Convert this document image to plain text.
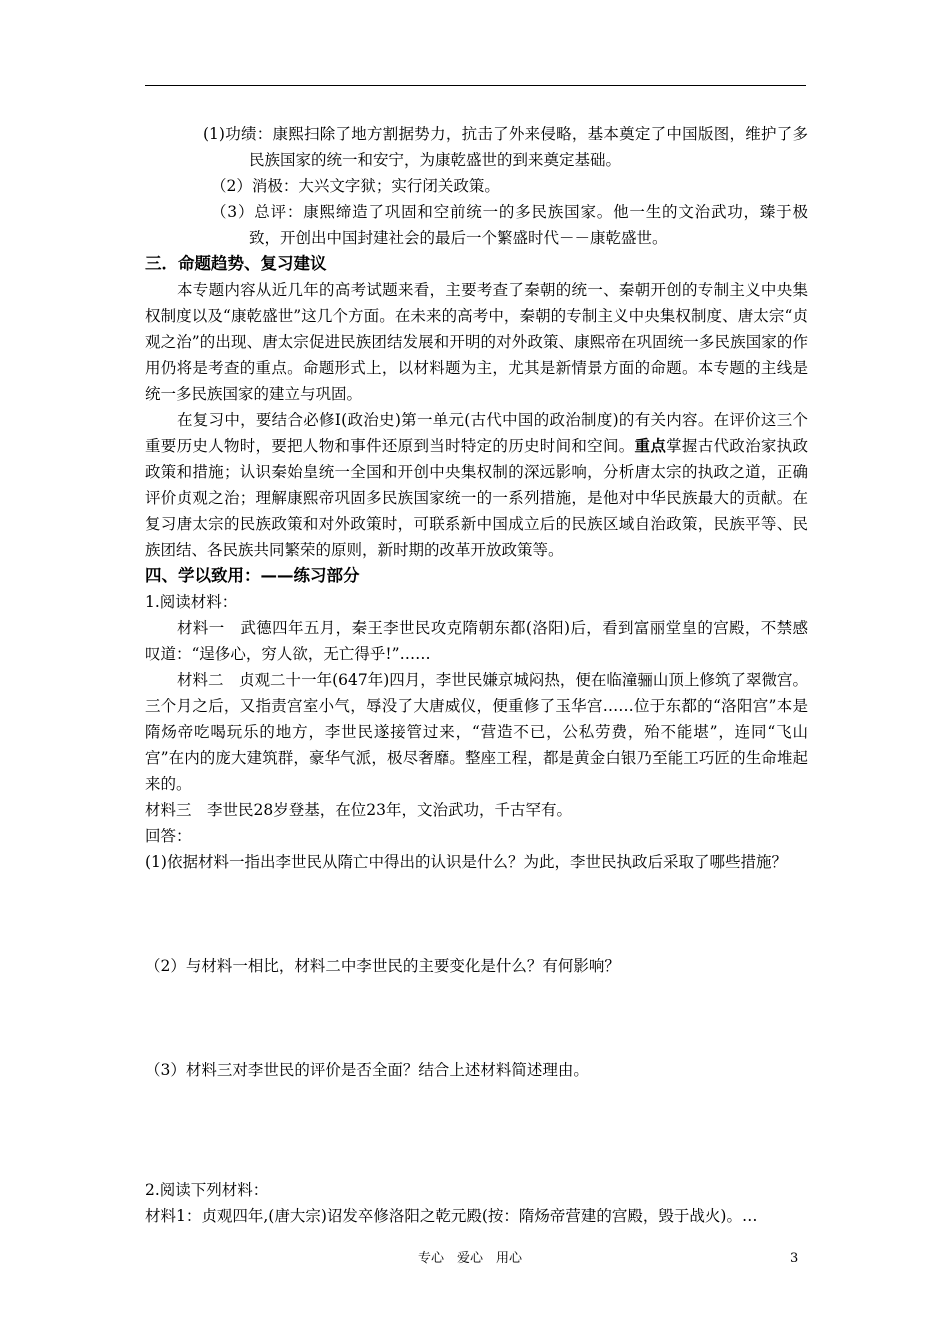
(1)功绩：康熙扫除了地方割据势力，抗击了外来侵略，基本奠定了中国版图，维护了多民族国家的统一和安宁，为康乾盛世的到来奠定基础。

（2）消极：大兴文字狱；实行闭关政策。

（3）总评：康熙缔造了巩固和空前统一的多民族国家。他一生的文治武功，臻于极致，开创出中国封建社会的最后一个繁盛时代－－康乾盛世。

三．命题趋势、复习建议

本专题内容从近几年的高考试题来看，主要考查了秦朝的统一、秦朝开创的专制主义中央集权制度以及“康乾盛世”这几个方面。在未来的高考中，秦朝的专制主义中央集权制度、唐太宗“贞观之治”的出现、唐太宗促进民族团结发展和开明的对外政策、康熙帝在巩固统一多民族国家的作用仍将是考查的重点。命题形式上，以材料题为主，尤其是新情景方面的命题。本专题的主线是统一多民族国家的建立与巩固。

在复习中，要结合必修Ⅰ(政治史)第一单元(古代中国的政治制度)的有关内容。在评价这三个重要历史人物时，要把人物和事件还原到当时特定的历史时间和空间。重点掌握古代政治家执政政策和措施；认识秦始皇统一全国和开创中央集权制的深远影响，分析唐太宗的执政之道，正确评价贞观之治；理解康熙帝巩固多民族国家统一的一系列措施，是他对中华民族最大的贡献。在复习唐太宗的民族政策和对外政策时，可联系新中国成立后的民族区域自治政策，民族平等、民族团结、各民族共同繁荣的原则，新时期的改革开放政策等。

四、学以致用：——练习部分

1.阅读材料：

材料一　武德四年五月，秦王李世民攻克隋朝东都(洛阳)后，看到富丽堂皇的宫殿，不禁感叹道：“逞侈心，穷人欲，无亡得乎!”……

材料二　贞观二十一年(647年)四月，李世民嫌京城闷热，便在临潼骊山顶上修筑了翠微宫。三个月之后，又指责宫室小气，辱没了大唐威仪，便重修了玉华宫……位于东都的“洛阳宫”本是隋炀帝吃喝玩乐的地方，李世民遂接管过来，“营造不已，公私劳费，殆不能堪”，连同“飞山宫”在内的庞大建筑群，豪华气派，极尽奢靡。整座工程，都是黄金白银乃至能工巧匠的生命堆起来的。

材料三　李世民28岁登基，在位23年，文治武功，千古罕有。

回答：

(1)依据材料一指出李世民从隋亡中得出的认识是什么？为此，李世民执政后采取了哪些措施？

（2）与材料一相比，材料二中李世民的主要变化是什么？有何影响？

（3）材料三对李世民的评价是否全面？结合上述材料简述理由。

2.阅读下列材料：

材料1：贞观四年,(唐大宗)诏发卒修洛阳之乾元殿(按：隋炀帝营建的宫殿，毁于战火)。…

专心　爱心　用心	3
